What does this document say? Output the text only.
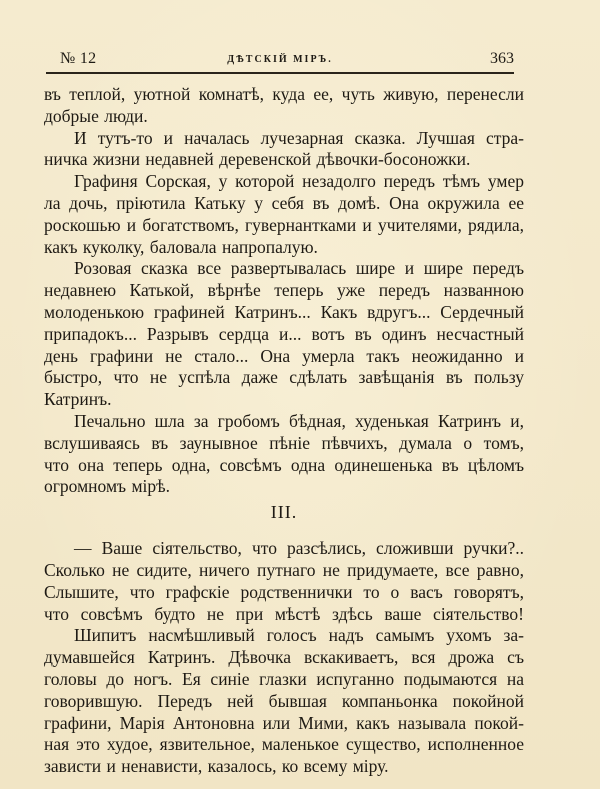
№ 12	ДѢТСКІЙ МІРЪ.	363
въ теплой, уютной комнатѣ, куда ее, чуть живую, перенесли
добрые люди.
И тутъ-то и началась лучезарная сказка. Лучшая стра-
ничка жизни недавней деревенской дѣвочки-босоножки.
Графиня Сорская, у которой незадолго передъ тѣмъ умер
ла дочь, пріютила Катьку у себя въ домѣ. Она окружила ее
роскошью и богатствомъ, гувернантками и учителями, рядила,
какъ куколку, баловала напропалую.
Розовая сказка все развертывалась шире и шире передъ
недавнею Катькой, вѣрнѣе теперь уже передъ названною
молоденькою графиней Катринъ... Какъ вдругъ... Сердечный
припадокъ... Разрывъ сердца и... вотъ въ одинъ несчастный
день графини не стало... Она умерла такъ неожиданно и
быстро, что не успѣла даже сдѣлать завѣщанія въ пользу
Катринъ.
Печально шла за гробомъ бѣдная, худенькая Катринъ и,
вслушиваясь въ заунывное пѣніе пѣвчихъ, думала о томъ,
что она теперь одна, совсѣмъ одна одинешенька въ цѣломъ
огромномъ мірѣ.
III.
— Ваше сіятельство, что разсѣлись, сложивши ручки?..
Сколько не сидите, ничего путнаго не придумаете, все равно,
Слышите, что графскіе родственнички то о васъ говорятъ,
что совсѣмъ будто не при мѣстѣ здѣсь ваше сіятельство!
Шипитъ насмѣшливый голосъ надъ самымъ ухомъ за-
думавшейся Катринъ. Дѣвочка вскакиваетъ, вся дрожа съ
головы до ногъ. Ея синіе глазки испуганно подымаются на
говорившую. Передъ ней бывшая компаньонка покойной
графини, Марія Антоновна или Мими, какъ называла покой-
ная это худое, язвительное, маленькое существо, исполненное
зависти и ненависти, казалось, ко всему міру.
